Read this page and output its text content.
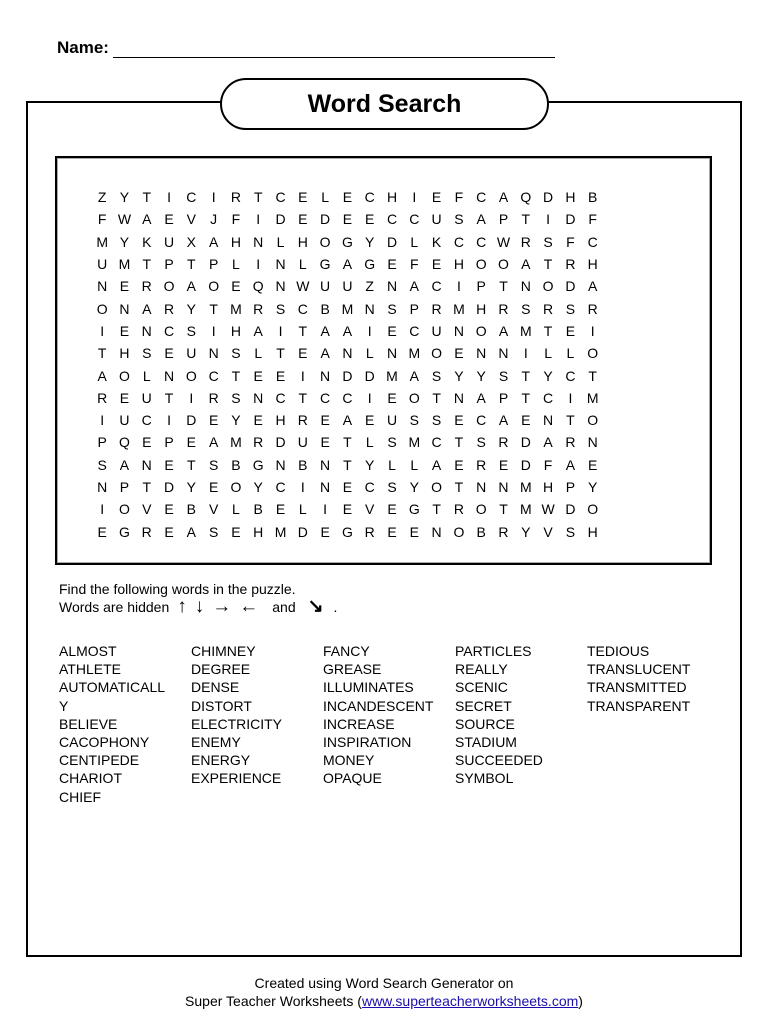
Name:
Word Search
Z Y T	I	C	I	R T C E L E C H	I	E F C A Q D H B
F W A E V	J	F	I	D E D E E C C U S A P T	I	D F
M Y K U X A H N L H O G Y D L K C C W R S F C
U M T P T P L	I	N L G A G E F E H O O A T R H
N E R O A O E Q N W U U Z N A C	I	P T N O D A
O N A R Y T M R S C B M N S P R M H R S R S R
I	E N C S	I	H A	I	T A A	I	E C U N O A M T E	I
T H S E U N S L	T E A N L N M O E N N	I	L	L O
A O L N O C T E E	I	N D D M A S Y Y S T Y C T
R E U T	I	R S N C T C C	I	E O T N A P T C	I	M
I	U C	I	D E Y E H R E A E U S S E C A E N T O
P Q E P E A M R D U E T	L S M C T S R D A R N
S A N E T S B G N B N T Y L	L A E R E D F A E
N P T D Y E O Y C	I	N E C S Y O T N N M H P Y
I	O V E B V L B E L	I	E V E G T R O T M W D O
E G R E A S E H M D E G R E E N O B R Y V S H
Find the following words in the puzzle.
Words are hidden ↑ ↓ → ← and ↘ .
ALMOST
ATHLETE
AUTOMATICALL
Y
BELIEVE
CACOPHONY
CENTIPEDE
CHARIOT
CHIEF
CHIMNEY
DEGREE
DENSE
DISTORT
ELECTRICITY
ENEMY
ENERGY
EXPERIENCE
FANCY
GREASE
ILLUMINATES
INCANDESCENT
INCREASE
INSPIRATION
MONEY
OPAQUE
PARTICLES
REALLY
SCENIC
SECRET
SOURCE
STADIUM
SUCCEEDED
SYMBOL
TEDIOUS
TRANSLUCENT
TRANSMITTED
TRANSPARENT
Created using Word Search Generator on
Super Teacher Worksheets (www.superteacherworksheets.com)
